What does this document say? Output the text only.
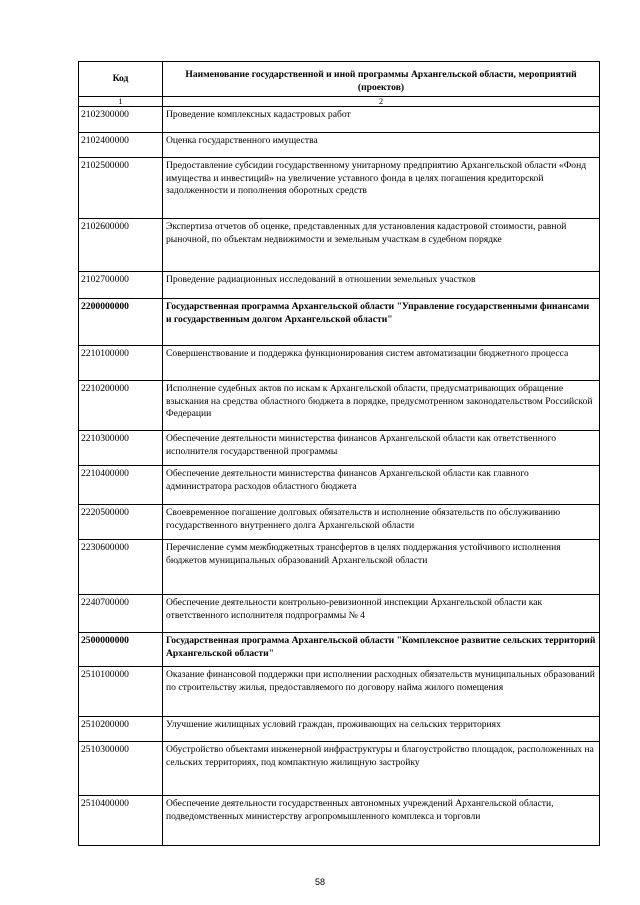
Код	Наименование государственной и иной программы Архангельской области, мероприятий (проектов)
1	2
2102300000	Проведение комплексных кадастровых работ
2102400000	Оценка государственного имущества
2102500000	Предоставление субсидии государственному унитарному предприятию Архангельской области «Фонд имущества и инвестиций» на увеличение уставного фонда в целях погашения кредиторской задолженности и пополнения оборотных средств
2102600000	Экспертиза отчетов об оценке, представленных для установления кадастровой стоимости, равной рыночной, по объектам недвижимости и земельным участкам в судебном порядке
2102700000	Проведение радиационных исследований в отношении земельных участков
2200000000	Государственная программа Архангельской области "Управление государственными финансами и государственным долгом Архангельской области"
2210100000	Совершенствование и поддержка функционирования систем автоматизации бюджетного процесса
2210200000	Исполнение судебных актов по искам к Архангельской области, предусматривающих обращение взыскания на средства областного бюджета в порядке, предусмотренном законодательством Российской Федерации
2210300000	Обеспечение деятельности министерства финансов Архангельской области как ответственного исполнителя государственной программы
2210400000	Обеспечение деятельности министерства финансов Архангельской области как главного администратора расходов областного бюджета
2220500000	Своевременное погашение долговых обязательств и исполнение обязательств по обслуживанию государственного внутреннего долга Архангельской области
2230600000	Перечисление сумм межбюджетных трансфертов в целях поддержания устойчивого исполнения бюджетов муниципальных образований Архангельской области
2240700000	Обеспечение деятельности контрольно-ревизионной инспекции Архангельской области как ответственного исполнителя подпрограммы № 4
2500000000	Государственная программа Архангельской области "Комплексное развитие сельских территорий Архангельской области"
2510100000	Оказание финансовой поддержки при исполнении расходных обязательств муниципальных образований по строительству жилья, предоставляемого по договору найма жилого помещения
2510200000	Улучшение жилищных условий граждан, проживающих на сельских территориях
2510300000	Обустройство объектами инженерной инфраструктуры и благоустройство площадок, расположенных на сельских территориях, под компактную жилищную застройку
2510400000	Обеспечение деятельности государственных автономных учреждений Архангельской области, подведомственных министерству агропромышленного комплекса и торговли
58
